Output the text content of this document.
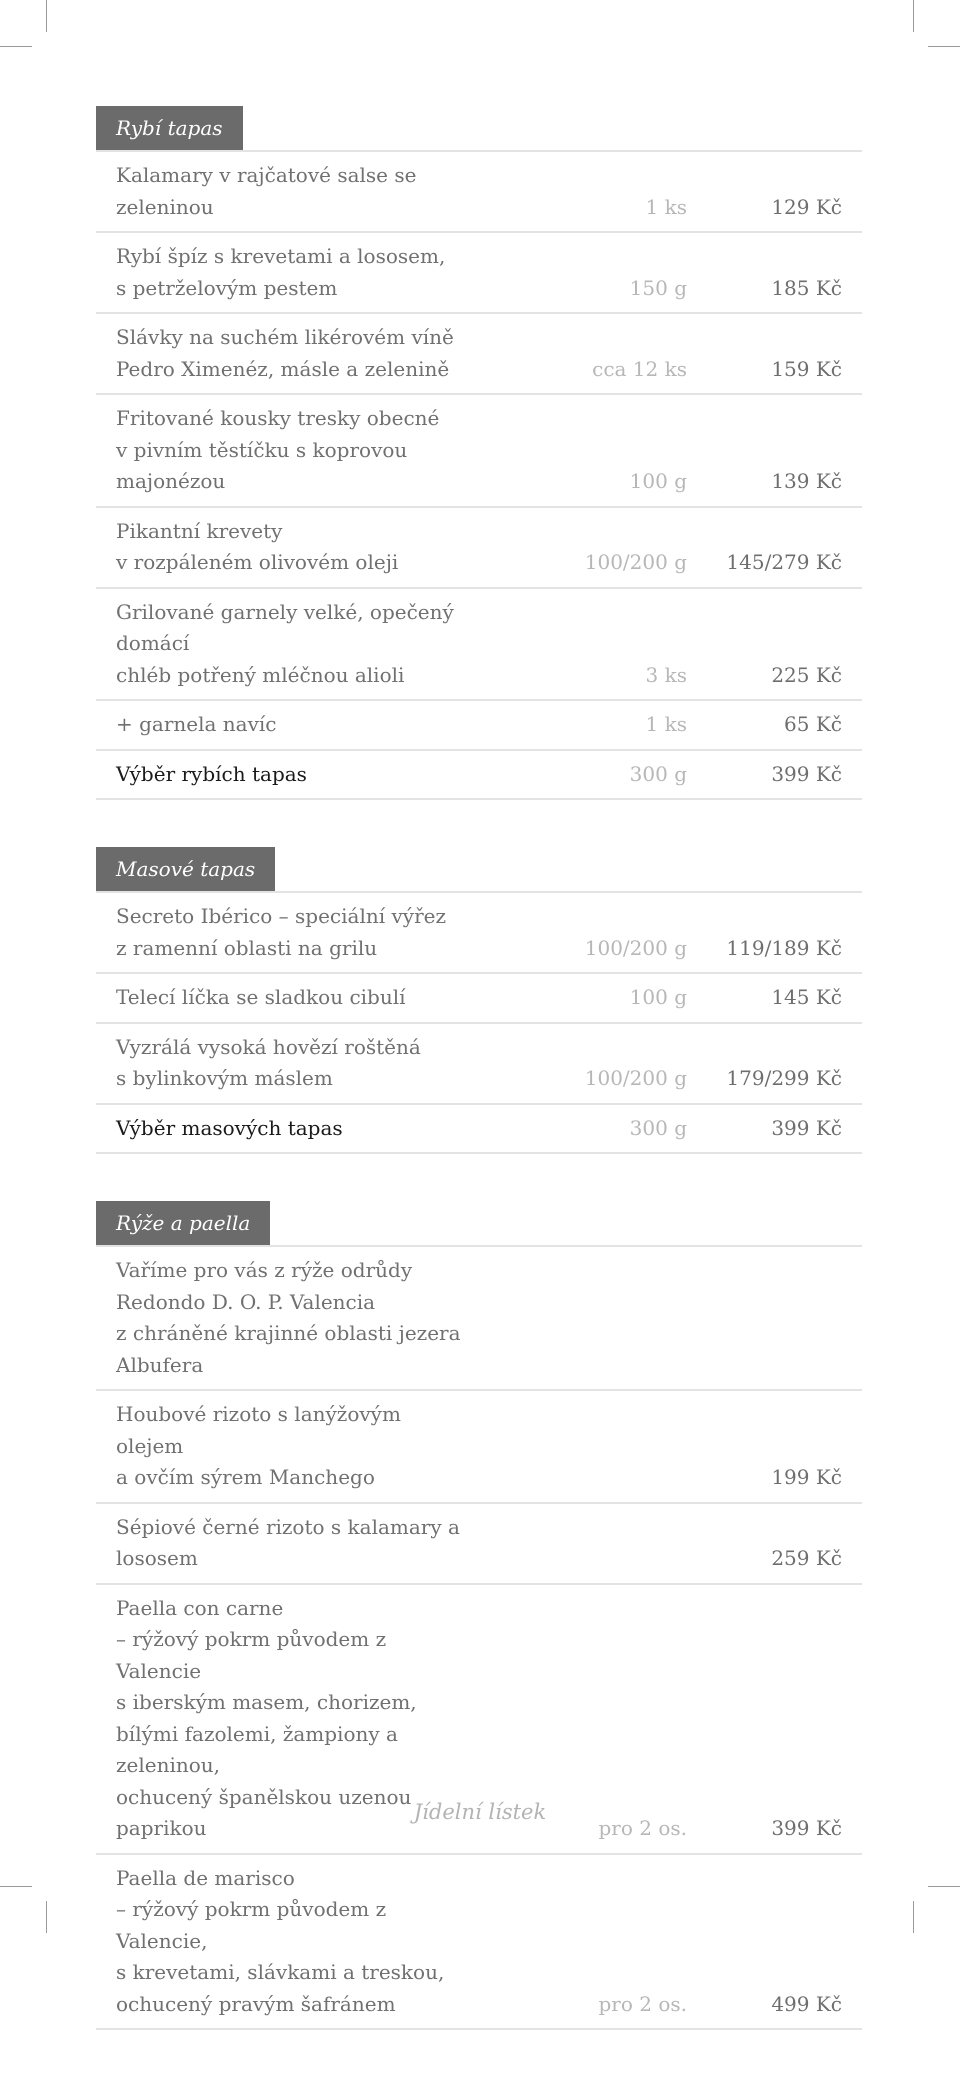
Rybí tapas
Kalamary v rajčatové salse se zeleninou	1 ks	129 Kč
Rybí špíz s krevetami a lososem,
s petrželovým pestem	150 g	185 Kč
Slávky na suchém likérovém víně
Pedro Ximenéz, másle a zelenině	cca 12 ks	159 Kč
Fritované kousky tresky obecné
v pivním těstíčku s koprovou majonézou	100 g	139 Kč
Pikantní krevety
v rozpáleném olivovém oleji	100/200 g	145/279 Kč
Grilované garnely velké, opečený domácí
chléb potřený mléčnou alioli	3 ks	225 Kč
+ garnela navíc	1 ks	65 Kč
Výběr rybích tapas	300 g	399 Kč
Masové tapas
Secreto Ibérico – speciální výřez
z ramenní oblasti na grilu	100/200 g	119/189 Kč
Telecí líčka se sladkou cibulí	100 g	145 Kč
Vyzrálá vysoká hovězí roštěná
s bylinkovým máslem	100/200 g	179/299 Kč
Výběr masových tapas	300 g	399 Kč
Rýže a paella
Vaříme pro vás z rýže odrůdy
Redondo D. O. P. Valencia
z chráněné krajinné oblasti jezera Albufera
Houbové rizoto s lanýžovým olejem
a ovčím sýrem Manchego	199 Kč
Sépiové černé rizoto s kalamary a lososem	259 Kč
Paella con carne
– rýžový pokrm původem z Valencie
s iberským masem, chorizem,
bílými fazolemi, žampiony a zeleninou,
ochucený španělskou uzenou paprikou	pro 2 os.	399 Kč
Paella de marisco
– rýžový pokrm původem z Valencie,
s krevetami, slávkami a treskou,
ochucený pravým šafránem	pro 2 os.	499 Kč
Jídelní lístek
